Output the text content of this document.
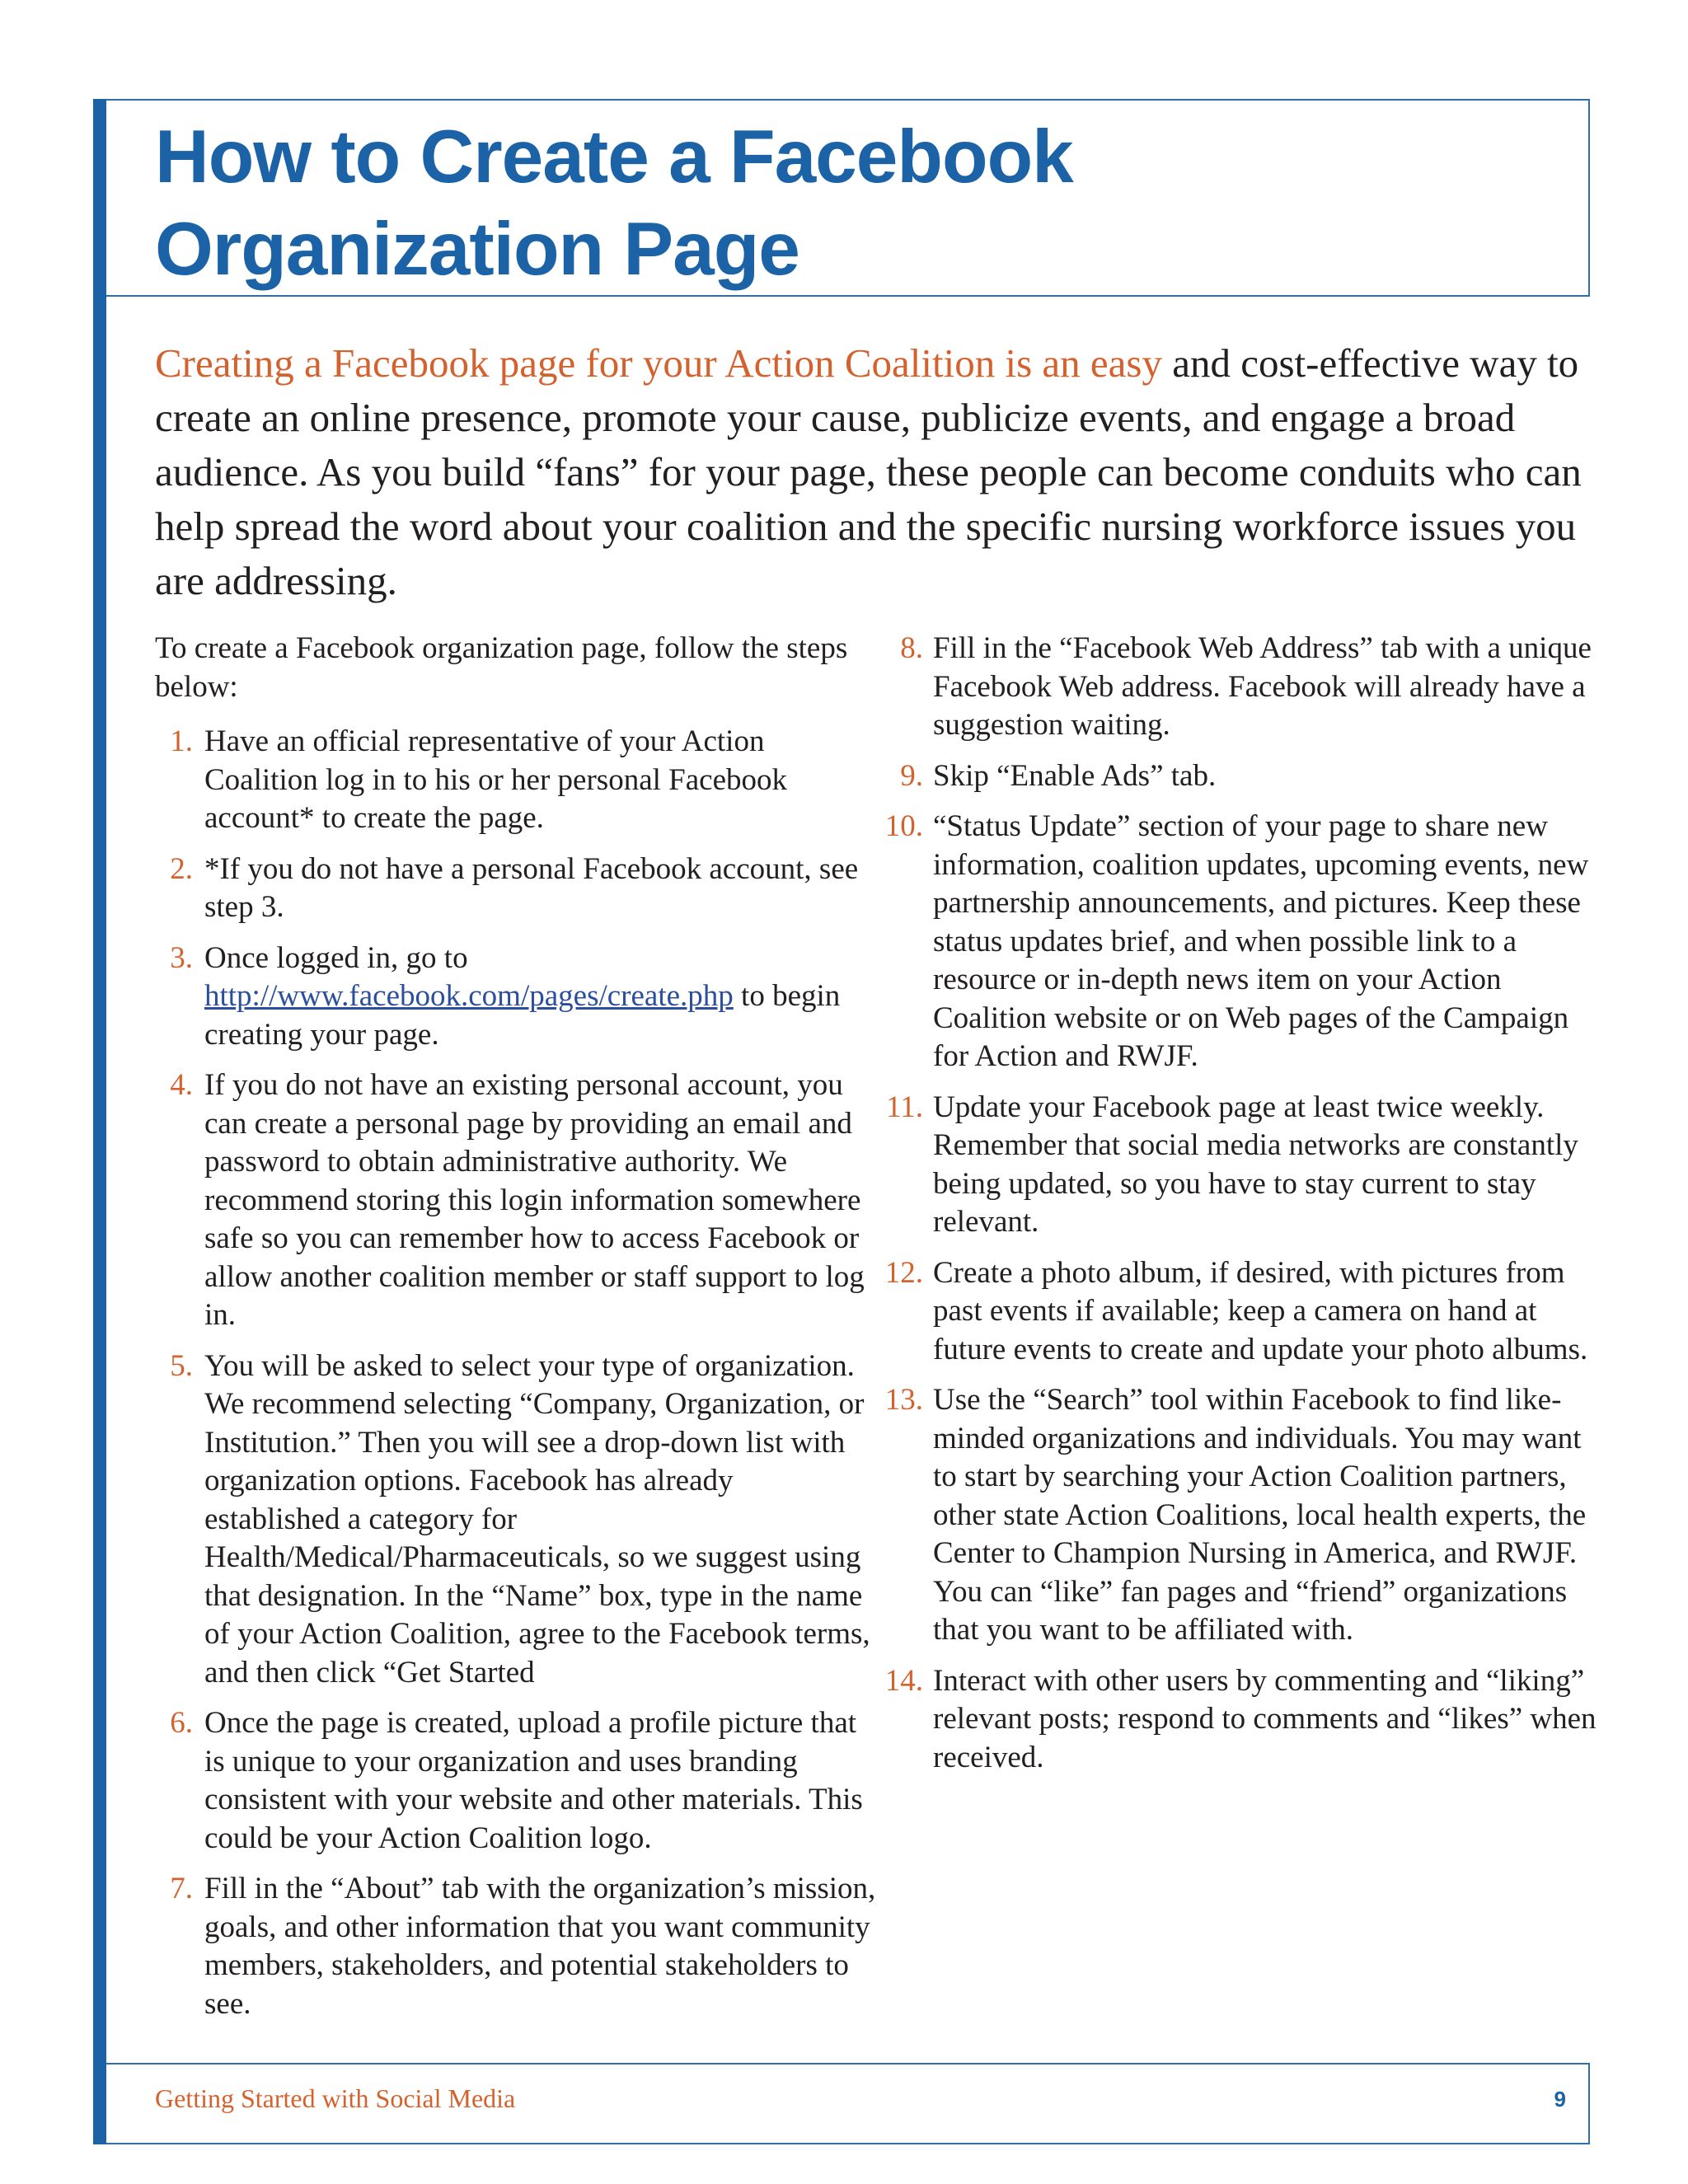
How to Create a Facebook
Organization Page

Creating a Facebook page for your Action Coalition is an easy and cost-effective way to create an online presence, promote your cause, publicize events, and engage a broad audience. As you build “fans” for your page, these people can become conduits who can help spread the word about your coalition and the specific nursing workforce issues you are addressing.

To create a Facebook organization page, follow the steps below:

1. Have an official representative of your Action Coalition log in to his or her personal Facebook account* to create the page.
2. *If you do not have a personal Facebook account, see step 3.
3. Once logged in, go to http://www.facebook.com/pages/create.php to begin creating your page.
4. If you do not have an existing personal account, you can create a personal page by providing an email and password to obtain administrative authority. We recommend storing this login information somewhere safe so you can remember how to access Facebook or allow another coalition member or staff support to log in.
5. You will be asked to select your type of organization. We recommend selecting “Company, Organization, or Institution.” Then you will see a drop-down list with organization options. Facebook has already established a category for Health/Medical/Pharmaceuticals, so we suggest using that designation. In the “Name” box, type in the name of your Action Coalition, agree to the Facebook terms, and then click “Get Started
6. Once the page is created, upload a profile picture that is unique to your organization and uses branding consistent with your website and other materials. This could be your Action Coalition logo.
7. Fill in the “About” tab with the organization’s mission, goals, and other information that you want community members, stakeholders, and potential stakeholders to see.
8. Fill in the “Facebook Web Address” tab with a unique Facebook Web address. Facebook will already have a suggestion waiting.
9. Skip “Enable Ads” tab.
10. “Status Update” section of your page to share new information, coalition updates, upcoming events, new partnership announcements, and pictures. Keep these status updates brief, and when possible link to a resource or in-depth news item on your Action Coalition website or on Web pages of the Campaign for Action and RWJF.
11. Update your Facebook page at least twice weekly. Remember that social media networks are constantly being updated, so you have to stay current to stay relevant.
12. Create a photo album, if desired, with pictures from past events if available; keep a camera on hand at future events to create and update your photo albums.
13. Use the “Search” tool within Facebook to find like-minded organizations and individuals. You may want to start by searching your Action Coalition partners, other state Action Coalitions, local health experts, the Center to Champion Nursing in America, and RWJF. You can “like” fan pages and “friend” organizations that you want to be affiliated with.
14. Interact with other users by commenting and “liking” relevant posts; respond to comments and “likes” when received.
Getting Started with Social Media	9
